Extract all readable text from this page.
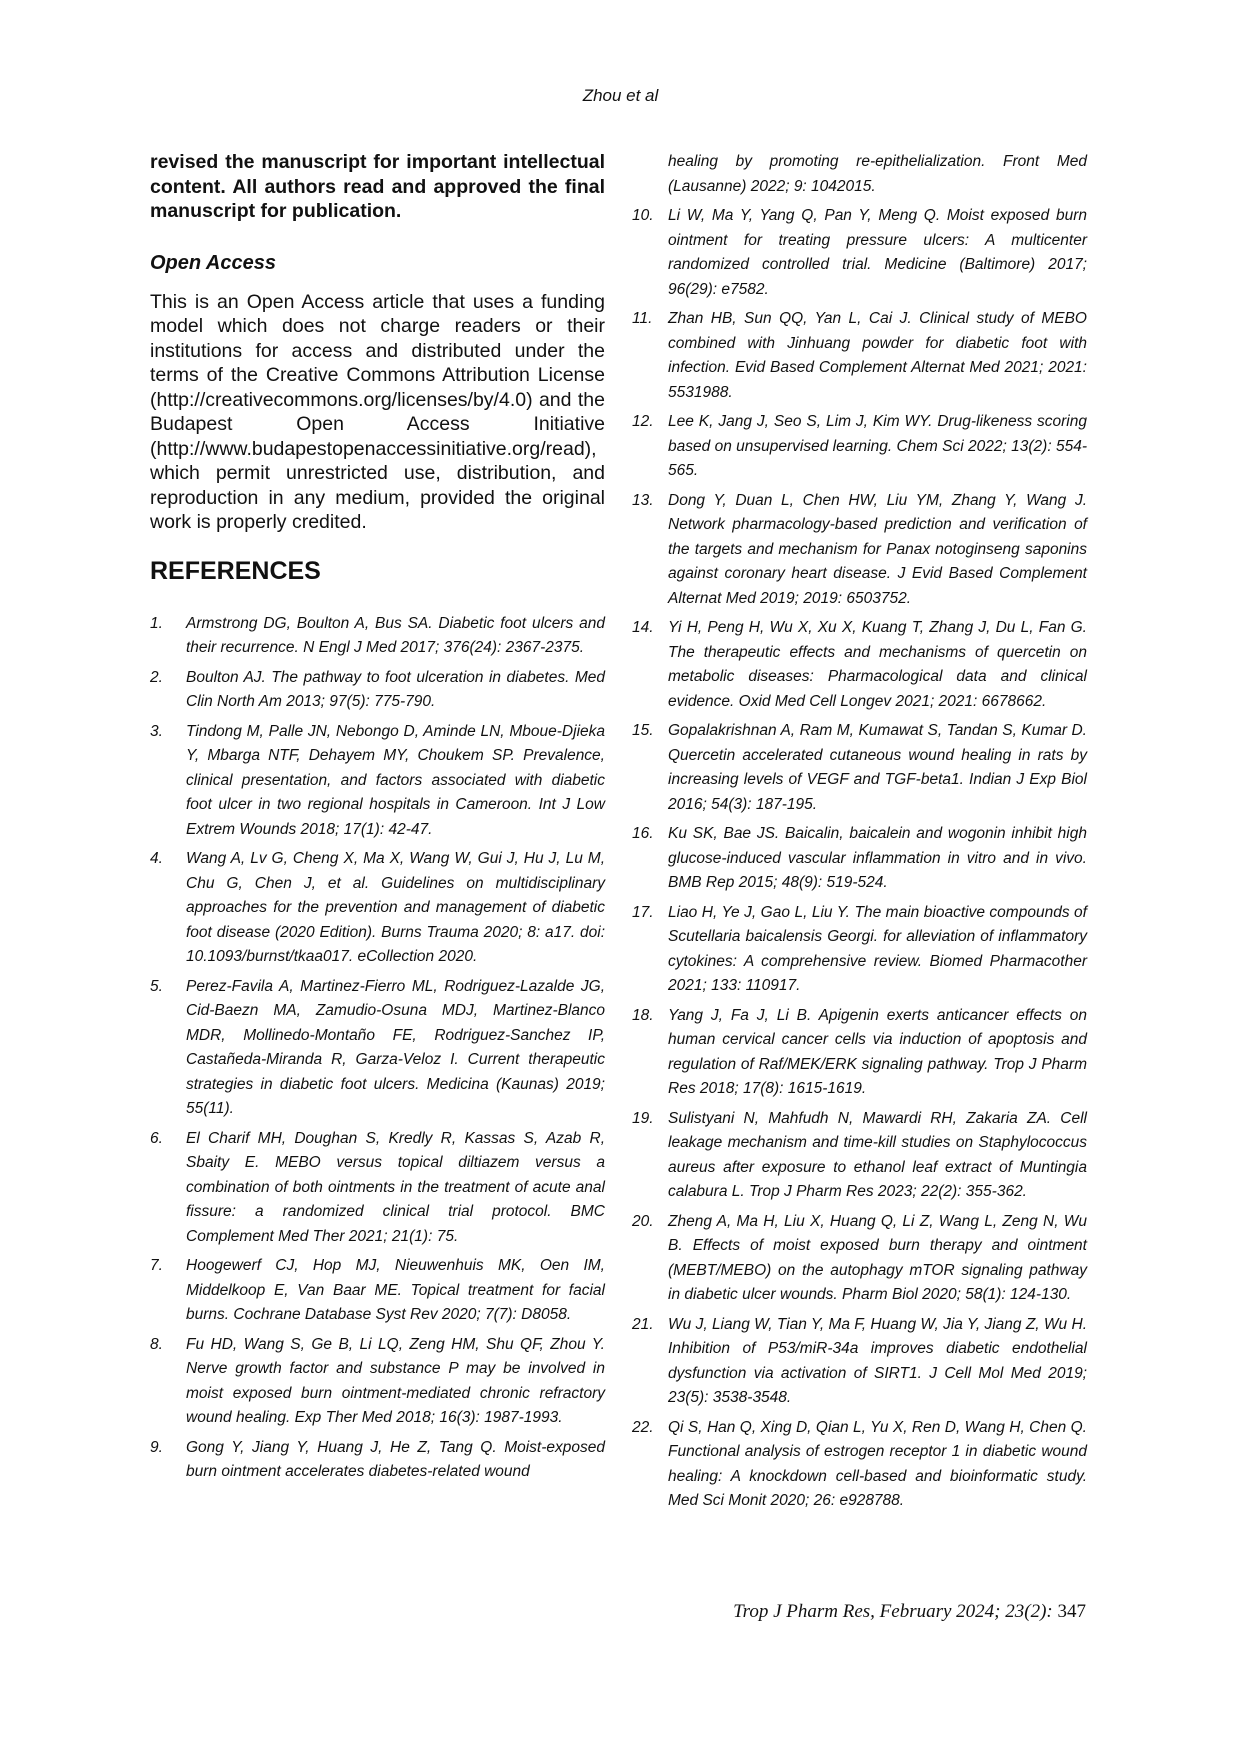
Zhou et al

revised the manuscript for important intellectual content. All authors read and approved the final manuscript for publication.

Open Access

This is an Open Access article that uses a funding model which does not charge readers or their institutions for access and distributed under the terms of the Creative Commons Attribution License (http://creativecommons.org/licenses/by/4.0) and the Budapest Open Access Initiative (http://www.budapestopenaccessinitiative.org/read), which permit unrestricted use, distribution, and reproduction in any medium, provided the original work is properly credited.

REFERENCES
1.	Armstrong DG, Boulton A, Bus SA. Diabetic foot ulcers and their recurrence. N Engl J Med 2017; 376(24): 2367-2375.
2.	Boulton AJ. The pathway to foot ulceration in diabetes. Med Clin North Am 2013; 97(5): 775-790.
3.	Tindong M, Palle JN, Nebongo D, Aminde LN, Mboue-Djieka Y, Mbarga NTF, Dehayem MY, Choukem SP. Prevalence, clinical presentation, and factors associated with diabetic foot ulcer in two regional hospitals in Cameroon. Int J Low Extrem Wounds 2018; 17(1): 42-47.
4.	Wang A, Lv G, Cheng X, Ma X, Wang W, Gui J, Hu J, Lu M, Chu G, Chen J, et al. Guidelines on multidisciplinary approaches for the prevention and management of diabetic foot disease (2020 Edition). Burns Trauma 2020; 8: a17. doi: 10.1093/burnst/tkaa017. eCollection 2020.
5.	Perez-Favila A, Martinez-Fierro ML, Rodriguez-Lazalde JG, Cid-Baezn MA, Zamudio-Osuna MDJ, Martinez-Blanco MDR, Mollinedo-Montaño FE, Rodriguez-Sanchez IP, Castañeda-Miranda R, Garza-Veloz I. Current therapeutic strategies in diabetic foot ulcers. Medicina (Kaunas) 2019; 55(11).
6.	El Charif MH, Doughan S, Kredly R, Kassas S, Azab R, Sbaity E. MEBO versus topical diltiazem versus a combination of both ointments in the treatment of acute anal fissure: a randomized clinical trial protocol. BMC Complement Med Ther 2021; 21(1): 75.
7.	Hoogewerf CJ, Hop MJ, Nieuwenhuis MK, Oen IM, Middelkoop E, Van Baar ME. Topical treatment for facial burns. Cochrane Database Syst Rev 2020; 7(7): D8058.
8.	Fu HD, Wang S, Ge B, Li LQ, Zeng HM, Shu QF, Zhou Y. Nerve growth factor and substance P may be involved in moist exposed burn ointment-mediated chronic refractory wound healing. Exp Ther Med 2018; 16(3): 1987-1993.
9.	Gong Y, Jiang Y, Huang J, He Z, Tang Q. Moist-exposed burn ointment accelerates diabetes-related wound
healing by promoting re-epithelialization. Front Med (Lausanne) 2022; 9: 1042015.
10. Li W, Ma Y, Yang Q, Pan Y, Meng Q. Moist exposed burn ointment for treating pressure ulcers: A multicenter randomized controlled trial. Medicine (Baltimore) 2017; 96(29): e7582.
11.	Zhan HB, Sun QQ, Yan L, Cai J. Clinical study of MEBO combined with Jinhuang powder for diabetic foot with infection. Evid Based Complement Alternat Med 2021; 2021: 5531988.
12. Lee K, Jang J, Seo S, Lim J, Kim WY. Drug-likeness scoring based on unsupervised learning. Chem Sci 2022; 13(2): 554-565.
13. Dong Y, Duan L, Chen HW, Liu YM, Zhang Y, Wang J. Network pharmacology-based prediction and verification of the targets and mechanism for Panax notoginseng saponins against coronary heart disease. J Evid Based Complement Alternat Med 2019; 2019: 6503752.
14. Yi H, Peng H, Wu X, Xu X, Kuang T, Zhang J, Du L, Fan G. The therapeutic effects and mechanisms of quercetin on metabolic diseases: Pharmacological data and clinical evidence. Oxid Med Cell Longev 2021; 2021: 6678662.
15. Gopalakrishnan A, Ram M, Kumawat S, Tandan S, Kumar D. Quercetin accelerated cutaneous wound healing in rats by increasing levels of VEGF and TGF-beta1. Indian J Exp Biol 2016; 54(3): 187-195.
16. Ku SK, Bae JS. Baicalin, baicalein and wogonin inhibit high glucose-induced vascular inflammation in vitro and in vivo. BMB Rep 2015; 48(9): 519-524.
17. Liao H, Ye J, Gao L, Liu Y. The main bioactive compounds of Scutellaria baicalensis Georgi. for alleviation of inflammatory cytokines: A comprehensive review. Biomed Pharmacother 2021; 133: 110917.
18. Yang J, Fa J, Li B. Apigenin exerts anticancer effects on human cervical cancer cells via induction of apoptosis and regulation of Raf/MEK/ERK signaling pathway. Trop J Pharm Res 2018; 17(8): 1615-1619.
19. Sulistyani N, Mahfudh N, Mawardi RH, Zakaria ZA. Cell leakage mechanism and time-kill studies on Staphylococcus aureus after exposure to ethanol leaf extract of Muntingia calabura L. Trop J Pharm Res 2023; 22(2): 355-362.
20. Zheng A, Ma H, Liu X, Huang Q, Li Z, Wang L, Zeng N, Wu B. Effects of moist exposed burn therapy and ointment (MEBT/MEBO) on the autophagy mTOR signaling pathway in diabetic ulcer wounds. Pharm Biol 2020; 58(1): 124-130.
21. Wu J, Liang W, Tian Y, Ma F, Huang W, Jia Y, Jiang Z, Wu H. Inhibition of P53/miR-34a improves diabetic endothelial dysfunction via activation of SIRT1. J Cell Mol Med 2019; 23(5): 3538-3548.
22. Qi S, Han Q, Xing D, Qian L, Yu X, Ren D, Wang H, Chen Q. Functional analysis of estrogen receptor 1 in diabetic wound healing: A knockdown cell-based and bioinformatic study. Med Sci Monit 2020; 26: e928788.
Trop J Pharm Res, February 2024; 23(2): 347
